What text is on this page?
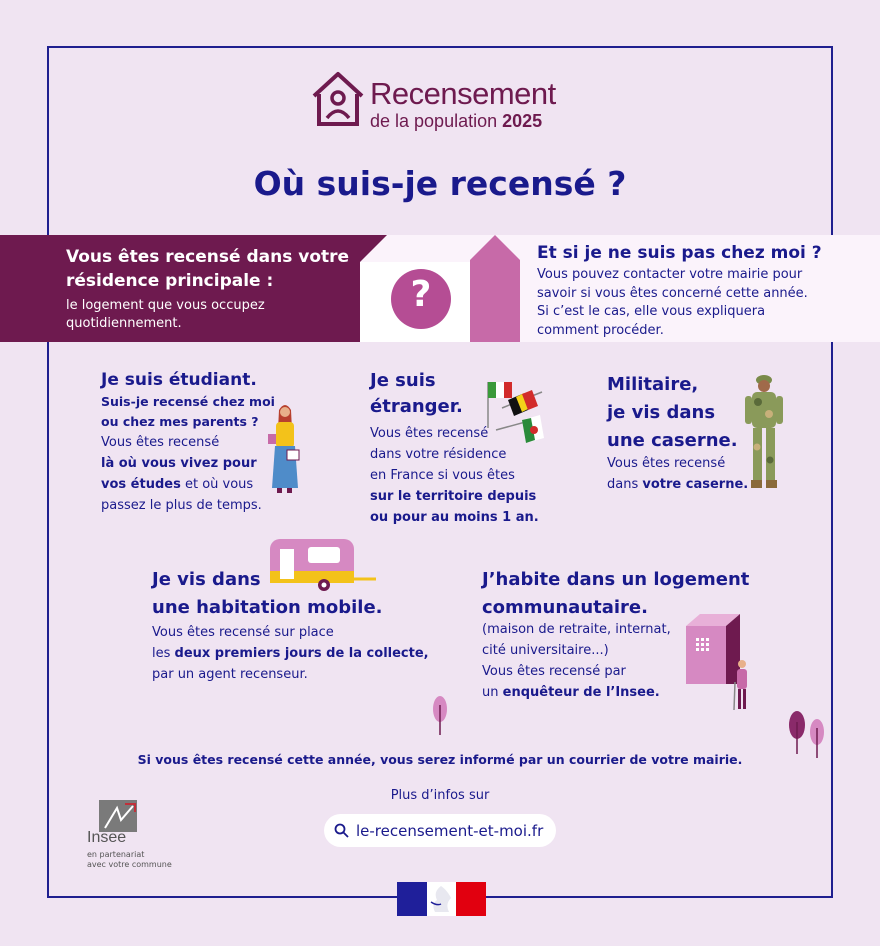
Recensement
de la population 2025
Où suis-je recensé ?
?
Vous êtes recensé dans votre résidence principale :
le logement que vous occupez quotidiennement.
Et si je ne suis pas chez moi ?
Vous pouvez contacter votre mairie pour
savoir si vous êtes concerné cette année.
Si c’est le cas, elle vous expliquera
comment procéder.
Je suis étudiant.
Suis-je recensé chez moi
ou chez mes parents ?
Vous êtes recensé
là où vous vivez pour
vos études et où vous
passez le plus de temps.
Je suis
étranger.
Vous êtes recensé
dans votre résidence
en France si vous êtes
sur le territoire depuis
ou pour au moins 1 an.
Militaire,
je vis dans
une caserne.
Vous êtes recensé
dans votre caserne.
Je vis dans
une habitation mobile.
Vous êtes recensé sur place
les deux premiers jours de la collecte,
par un agent recenseur.
J’habite dans un logement
communautaire.
(maison de retraite, internat,
cité universitaire...)
Vous êtes recensé par
un enquêteur de l’Insee.
Si vous êtes recensé cette année, vous serez informé par un courrier de votre mairie.
Plus d’infos sur
le-recensement-et-moi.fr
Insee
en partenariat
avec votre commune
